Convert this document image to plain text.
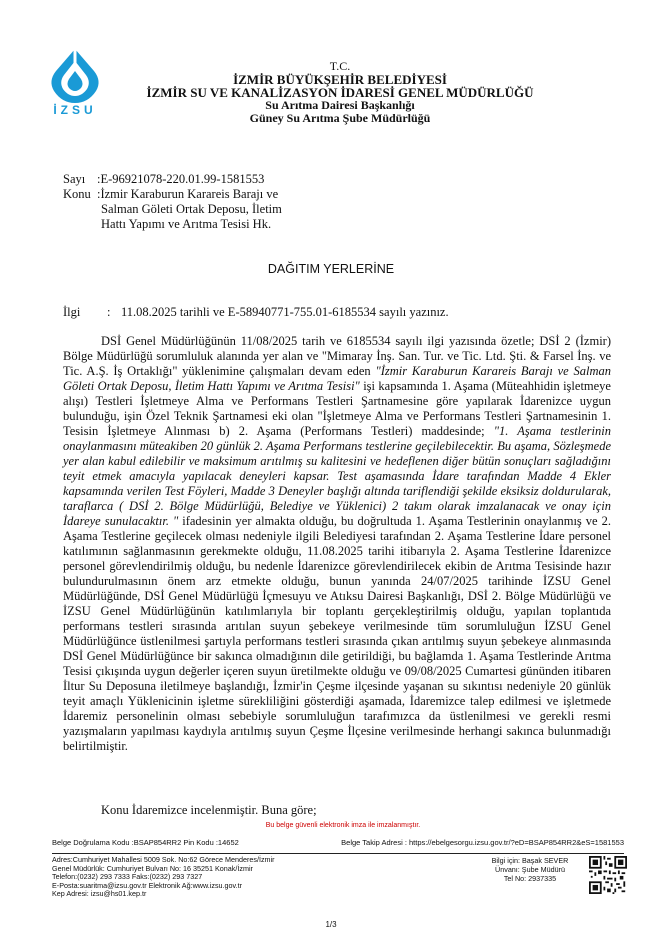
İZSU
T.C.
İZMİR BÜYÜKŞEHİR BELEDİYESİ
İZMİR SU VE KANALİZASYON İDARESİ GENEL MÜDÜRLÜĞÜ
Su Arıtma Dairesi Başkanlığı
Güney Su Arıtma Şube Müdürlüğü
Sayı :E-96921078-220.01.99-1581553
Konu :İzmir Karaburun Karareis Barajı ve
Salman Göleti Ortak Deposu, İletim
Hattı Yapımı ve Arıtma Tesisi Hk.
DAĞITIM YERLERİNE
İlgi	: 11.08.2025 tarihli ve E-58940771-755.01-6185534 sayılı yazınız.

DSİ Genel Müdürlüğünün 11/08/2025 tarih ve 6185534 sayılı ilgi yazısında özetle; DSİ 2 (İzmir) Bölge Müdürlüğü sorumluluk alanında yer alan ve "Mimaray İnş. San. Tur. ve Tic. Ltd. Şti. & Farsel İnş. ve Tic. A.Ş. İş Ortaklığı" yüklenimine çalışmaları devam eden "İzmir Karaburun Karareis Barajı ve Salman Göleti Ortak Deposu, İletim Hattı Yapımı ve Arıtma Tesisi" işi kapsamında 1. Aşama (Müteahhidin işletmeye alışı) Testleri İşletmeye Alma ve Performans Testleri Şartnamesine göre yapılarak İdarenizce uygun bulunduğu, işin Özel Teknik Şartnamesi eki olan "İşletmeye Alma ve Performans Testleri Şartnamesinin 1. Tesisin İşletmeye Alınması b) 2. Aşama (Performans Testleri) maddesinde; "1. Aşama testlerinin onaylanmasını müteakiben 20 günlük 2. Aşama Performans testlerine geçilebilecektir. Bu aşama, Sözleşmede yer alan kabul edilebilir ve maksimum arıtılmış su kalitesini ve hedeflenen diğer bütün sonuçları sağladığını teyit etmek amacıyla yapılacak deneyleri kapsar. Test aşamasında İdare tarafından Madde 4 Ekler kapsamında verilen Test Föyleri, Madde 3 Deneyler başlığı altında tariflendiği şekilde eksiksiz doldurularak, taraflarca ( DSİ 2. Bölge Müdürlüğü, Belediye ve Yüklenici) 2 takım olarak imzalanacak ve onay için İdareye sunulacaktır. " ifadesinin yer almakta olduğu, bu doğrultuda 1. Aşama Testlerinin onaylanmış ve 2. Aşama Testlerine geçilecek olması nedeniyle ilgili Belediyesi tarafından 2. Aşama Testlerine İdare personel katılımının sağlanmasının gerekmekte olduğu, 11.08.2025 tarihi itibarıyla 2. Aşama Testlerine İdarenizce personel görevlendirilmiş olduğu, bu nedenle İdarenizce görevlendirilecek ekibin de Arıtma Tesisinde hazır bulundurulmasının önem arz etmekte olduğu, bunun yanında 24/07/2025 tarihinde İZSU Genel Müdürlüğünde, DSİ Genel Müdürlüğü İçmesuyu ve Atıksu Dairesi Başkanlığı, DSİ 2. Bölge Müdürlüğü ve İZSU Genel Müdürlüğünün katılımlarıyla bir toplantı gerçekleştirilmiş olduğu, yapılan toplantıda performans testleri sırasında arıtılan suyun şebekeye verilmesinde tüm sorumluluğun İZSU Genel Müdürlüğünce üstlenilmesi şartıyla performans testleri sırasında çıkan arıtılmış suyun şebekeye alınmasında DSİ Genel Müdürlüğünce bir sakınca olmadığının dile getirildiği, bu bağlamda 1. Aşama Testlerinde Arıtma Tesisi çıkışında uygun değerler içeren suyun üretilmekte olduğu ve 09/08/2025 Cumartesi gününden itibaren İltur Su Deposuna iletilmeye başlandığı, İzmir'in Çeşme ilçesinde yaşanan su sıkıntısı nedeniyle 20 günlük teyit amaçlı Yüklenicinin işletme sürekliliğini gösterdiği aşamada, İdaremizce talep edilmesi ve işletmede İdaremiz personelinin olması sebebiyle sorumluluğun tarafımızca da üstlenilmesi ve gerekli resmi yazışmaların yapılması kaydıyla arıtılmış suyun Çeşme İlçesine verilmesinde herhangi sakınca bulunmadığı belirtilmiştir.

Konu İdaremizce incelenmiştir. Buna göre;
Bu belge güvenli elektronik imza ile imzalanmıştır.
Belge Doğrulama Kodu :BSAP854RR2 Pin Kodu :14652	Belge Takip Adresi : https://ebelgesorgu.izsu.gov.tr/?eD=BSAP854RR2&eS=1581553
Adres:Cumhuriyet Mahallesi 5009 Sok. No:62 Görece Menderes/İzmir
Genel Müdürlük: Cumhuriyet Bulvarı No: 16 35251 Konak/İzmir
Telefon:(0232) 293 7333 Faks:(0232) 293 7327
E-Posta:suaritma@izsu.gov.tr Elektronik Ağ:www.izsu.gov.tr
Kep Adresi: izsu@hs01.kep.tr
Bilgi için: Başak SEVER
Ünvanı: Şube Müdürü
Tel No: 2937335
1/3
